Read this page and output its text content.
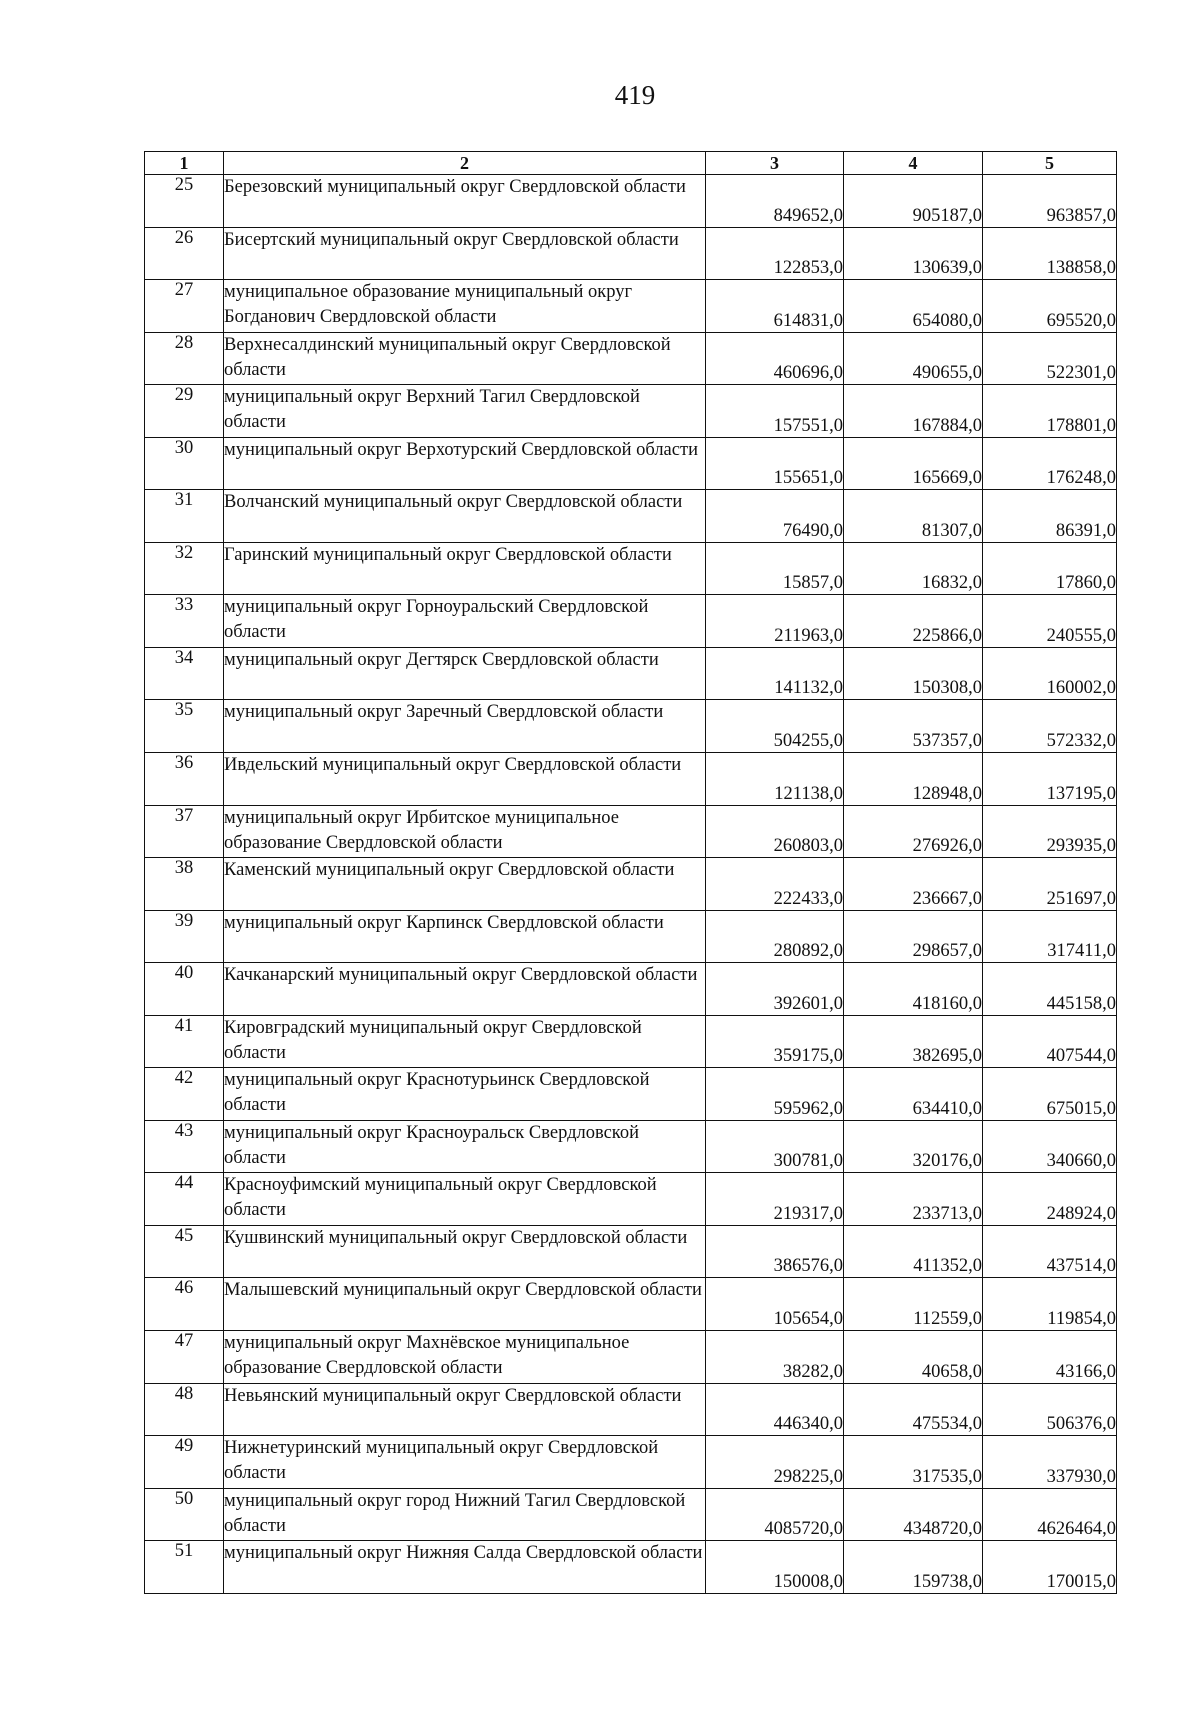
419
1	2	3	4	5
25	Березовский муниципальный округ Свердловской области	849652,0	905187,0	963857,0
26	Бисертский муниципальный округ Свердловской области	122853,0	130639,0	138858,0
27	муниципальное образование муниципальный округ Богданович Свердловской области	614831,0	654080,0	695520,0
28	Верхнесалдинский муниципальный округ Свердловской области	460696,0	490655,0	522301,0
29	муниципальный округ Верхний Тагил Свердловской области	157551,0	167884,0	178801,0
30	муниципальный округ Верхотурский Свердловской области	155651,0	165669,0	176248,0
31	Волчанский муниципальный округ Свердловской области	76490,0	81307,0	86391,0
32	Гаринский муниципальный округ Свердловской области	15857,0	16832,0	17860,0
33	муниципальный округ Горноуральский Свердловской области	211963,0	225866,0	240555,0
34	муниципальный округ Дегтярск Свердловской области	141132,0	150308,0	160002,0
35	муниципальный округ Заречный Свердловской области	504255,0	537357,0	572332,0
36	Ивдельский муниципальный округ Свердловской области	121138,0	128948,0	137195,0
37	муниципальный округ Ирбитское муниципальное образование Свердловской области	260803,0	276926,0	293935,0
38	Каменский муниципальный округ Свердловской области	222433,0	236667,0	251697,0
39	муниципальный округ Карпинск Свердловской области	280892,0	298657,0	317411,0
40	Качканарский муниципальный округ Свердловской области	392601,0	418160,0	445158,0
41	Кировградский муниципальный округ Свердловской области	359175,0	382695,0	407544,0
42	муниципальный округ Краснотурьинск Свердловской области	595962,0	634410,0	675015,0
43	муниципальный округ Красноуральск Свердловской области	300781,0	320176,0	340660,0
44	Красноуфимский муниципальный округ Свердловской области	219317,0	233713,0	248924,0
45	Кушвинский муниципальный округ Свердловской области	386576,0	411352,0	437514,0
46	Малышевский муниципальный округ Свердловской области	105654,0	112559,0	119854,0
47	муниципальный округ Махнёвское муниципальное образование Свердловской области	38282,0	40658,0	43166,0
48	Невьянский муниципальный округ Свердловской области	446340,0	475534,0	506376,0
49	Нижнетуринский муниципальный округ Свердловской области	298225,0	317535,0	337930,0
50	муниципальный округ город Нижний Тагил Свердловской области	4085720,0	4348720,0	4626464,0
51	муниципальный округ Нижняя Салда Свердловской области	150008,0	159738,0	170015,0
